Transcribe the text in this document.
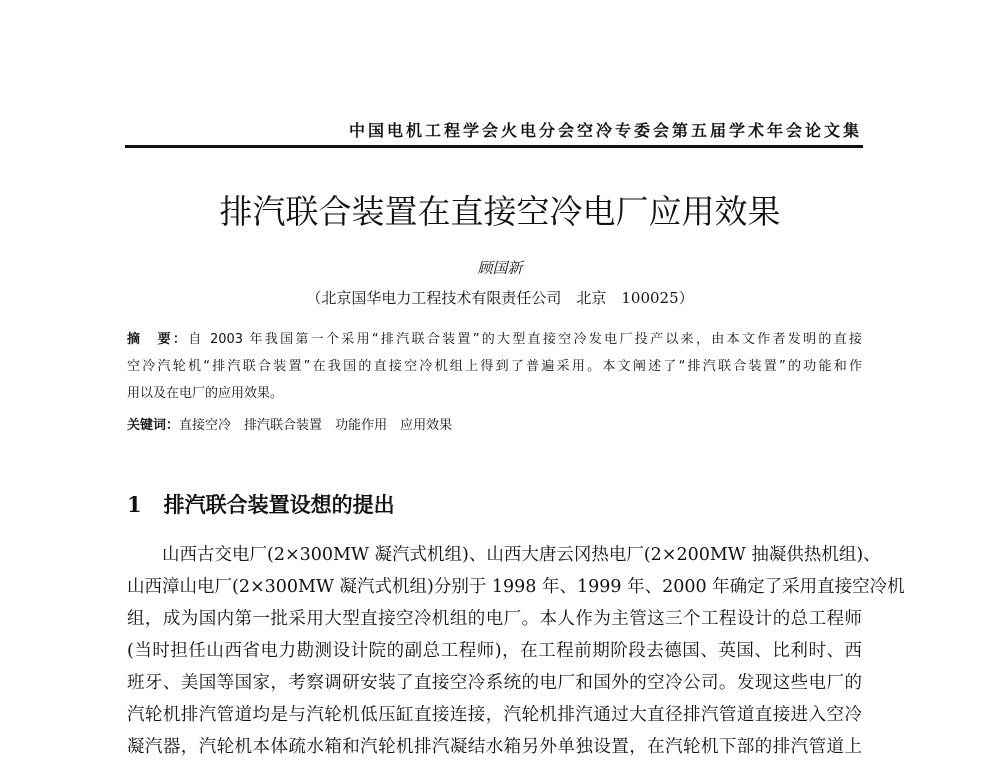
中国电机工程学会火电分会空冷专委会第五届学术年会论文集
排汽联合装置在直接空冷电厂应用效果
顾国新
（北京国华电力工程技术有限责任公司　北京　100025）
摘　要：自 2003 年我国第一个采用“排汽联合装置”的大型直接空冷发电厂投产以来，由本文作者发明的直接
空冷汽轮机“排汽联合装置”在我国的直接空冷机组上得到了普遍采用。本文阐述了“排汽联合装置”的功能和作
用以及在电厂的应用效果。
关键词：直接空冷　 排汽联合装置　 功能作用　 应用效果
1 排汽联合装置设想的提出
　　山西古交电厂(2×300MW 凝汽式机组)、山西大唐云冈热电厂(2×200MW 抽凝供热机组)、
山西漳山电厂(2×300MW 凝汽式机组)分别于 1998 年、1999 年、2000 年确定了采用直接空冷机
组，成为国内第一批采用大型直接空冷机组的电厂。本人作为主管这三个工程设计的总工程师
(当时担任山西省电力勘测设计院的副总工程师)，在工程前期阶段去德国、英国、比利时、西
班牙、美国等国家，考察调研安装了直接空冷系统的电厂和国外的空冷公司。发现这些电厂的
汽轮机排汽管道均是与汽轮机低压缸直接连接，汽轮机排汽通过大直径排汽管道直接进入空冷
凝汽器，汽轮机本体疏水箱和汽轮机排汽凝结水箱另外单独设置，在汽轮机下部的排汽管道上
